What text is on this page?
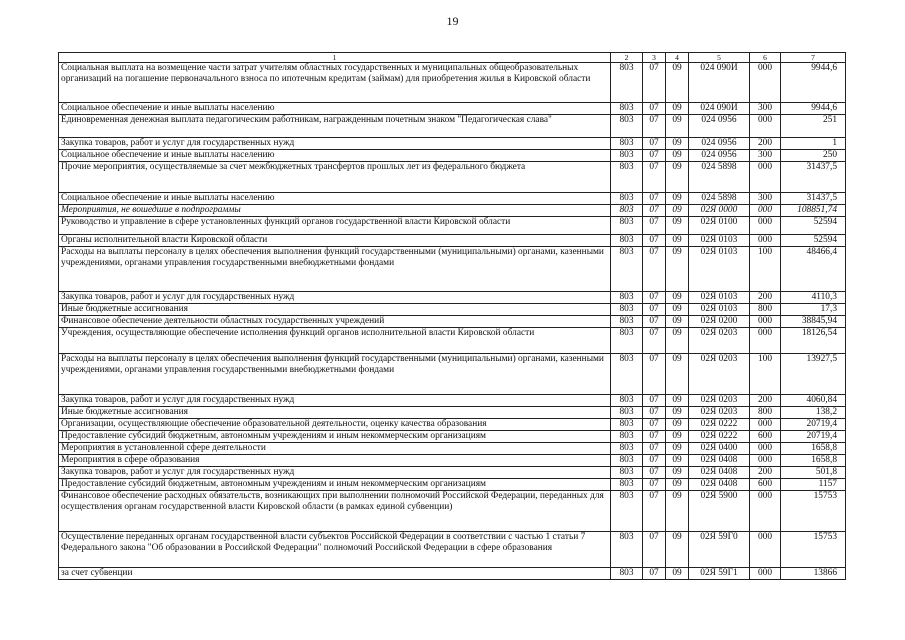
19
1	2	3	4	5	6	7
Социальная выплата на возмещение части затрат учителям областных государственных и муниципальных общеобразовательных организаций на погашение первоначального взноса по ипотечным кредитам (займам) для приобретения жилья в Кировской области	803	07	09	024 090И	000	9944,6
Социальное обеспечение и иные выплаты населению	803	07	09	024 090И	300	9944,6
Единовременная денежная выплата педагогическим работникам, награжденным почетным знаком "Педагогическая слава"	803	07	09	024 0956	000	251
Закупка товаров, работ и услуг для государственных нужд	803	07	09	024 0956	200	1
Социальное обеспечение и иные выплаты населению	803	07	09	024 0956	300	250
Прочие мероприятия, осуществляемые за счет межбюджетных трансфертов прошлых лет из федерального бюджета	803	07	09	024 5898	000	31437,5
Социальное обеспечение и иные выплаты населению	803	07	09	024 5898	300	31437,5
Мероприятия, не вошедшие в подпрограммы	803	07	09	02Я 0000	000	108851,74
Руководство и управление в сфере установленных функций органов государственной власти Кировской области	803	07	09	02Я 0100	000	52594
Органы исполнительной власти Кировской области	803	07	09	02Я 0103	000	52594
Расходы на выплаты персоналу в целях обеспечения выполнения функций государственными (муниципальными) органами, казенными учреждениями, органами управления государственными внебюджетными фондами	803	07	09	02Я 0103	100	48466,4
Закупка товаров, работ и услуг для государственных нужд	803	07	09	02Я 0103	200	4110,3
Иные бюджетные ассигнования	803	07	09	02Я 0103	800	17,3
Финансовое обеспечение деятельности областных государственных учреждений	803	07	09	02Я 0200	000	38845,94
Учреждения, осуществляющие обеспечение исполнения функций органов исполнительной власти Кировской области	803	07	09	02Я 0203	000	18126,54
Расходы на выплаты персоналу в целях обеспечения выполнения функций государственными (муниципальными) органами, казенными учреждениями, органами управления государственными внебюджетными фондами	803	07	09	02Я 0203	100	13927,5
Закупка товаров, работ и услуг для государственных нужд	803	07	09	02Я 0203	200	4060,84
Иные бюджетные ассигнования	803	07	09	02Я 0203	800	138,2
Организации, осуществляющие обеспечение образовательной деятельности, оценку качества образования	803	07	09	02Я 0222	000	20719,4
Предоставление субсидий бюджетным, автономным учреждениям и иным некоммерческим организациям	803	07	09	02Я 0222	600	20719,4
Мероприятия в установленной сфере деятельности	803	07	09	02Я 0400	000	1658,8
Мероприятия в сфере образования	803	07	09	02Я 0408	000	1658,8
Закупка товаров, работ и услуг для государственных нужд	803	07	09	02Я 0408	200	501,8
Предоставление субсидий бюджетным, автономным учреждениям и иным некоммерческим организациям	803	07	09	02Я 0408	600	1157
Финансовое обеспечение расходных обязательств, возникающих при выполнении полномочий Российской Федерации, переданных для осуществления органам государственной власти Кировской области (в рамках единой субвенции)	803	07	09	02Я 5900	000	15753
Осуществление переданных органам государственной власти субъектов Российской Федерации в соответствии с частью 1 статьи 7 Федерального закона "Об образовании в Российской Федерации" полномочий Российской Федерации в сфере образования	803	07	09	02Я 59Г0	000	15753
за счет субвенции	803	07	09	02Я 59Г1	000	13866
